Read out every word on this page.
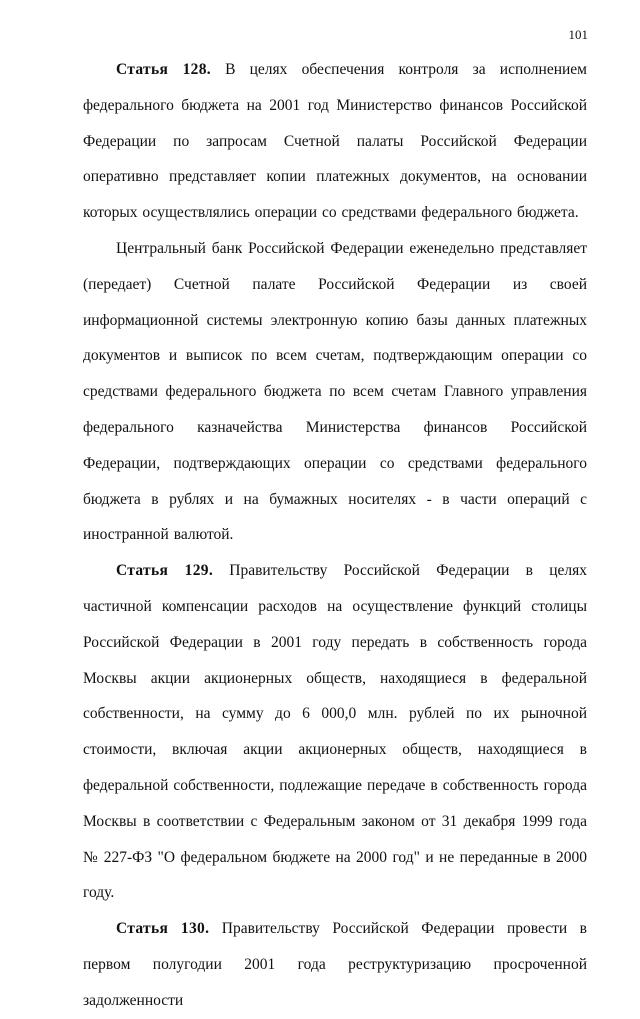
101

Статья 128. В целях обеспечения контроля за исполнением федерального бюджета на 2001 год Министерство финансов Российской Федерации по запросам Счетной палаты Российской Федерации оперативно представляет копии платежных документов, на основании которых осуществлялись операции со средствами федерального бюджета.

Центральный банк Российской Федерации еженедельно представляет (передает) Счетной палате Российской Федерации из своей информационной системы электронную копию базы данных платежных документов и выписок по всем счетам, подтверждающим операции со средствами федерального бюджета по всем счетам Главного управления федерального казначейства Министерства финансов Российской Федерации, подтверждающих операции со средствами федерального бюджета в рублях и на бумажных носителях - в части операций с иностранной валютой.

Статья 129. Правительству Российской Федерации в целях частичной компенсации расходов на осуществление функций столицы Российской Федерации в 2001 году передать в собственность города Москвы акции акционерных обществ, находящиеся в федеральной собственности, на сумму до 6 000,0 млн. рублей по их рыночной стоимости, включая акции акционерных обществ, находящиеся в федеральной собственности, подлежащие передаче в собственность города Москвы в соответствии с Федеральным законом от 31 декабря 1999 года № 227-ФЗ "О федеральном бюджете на 2000 год" и не переданные в 2000 году.

Статья 130. Правительству Российской Федерации провести в первом полугодии 2001 года реструктуризацию просроченной задолженности
